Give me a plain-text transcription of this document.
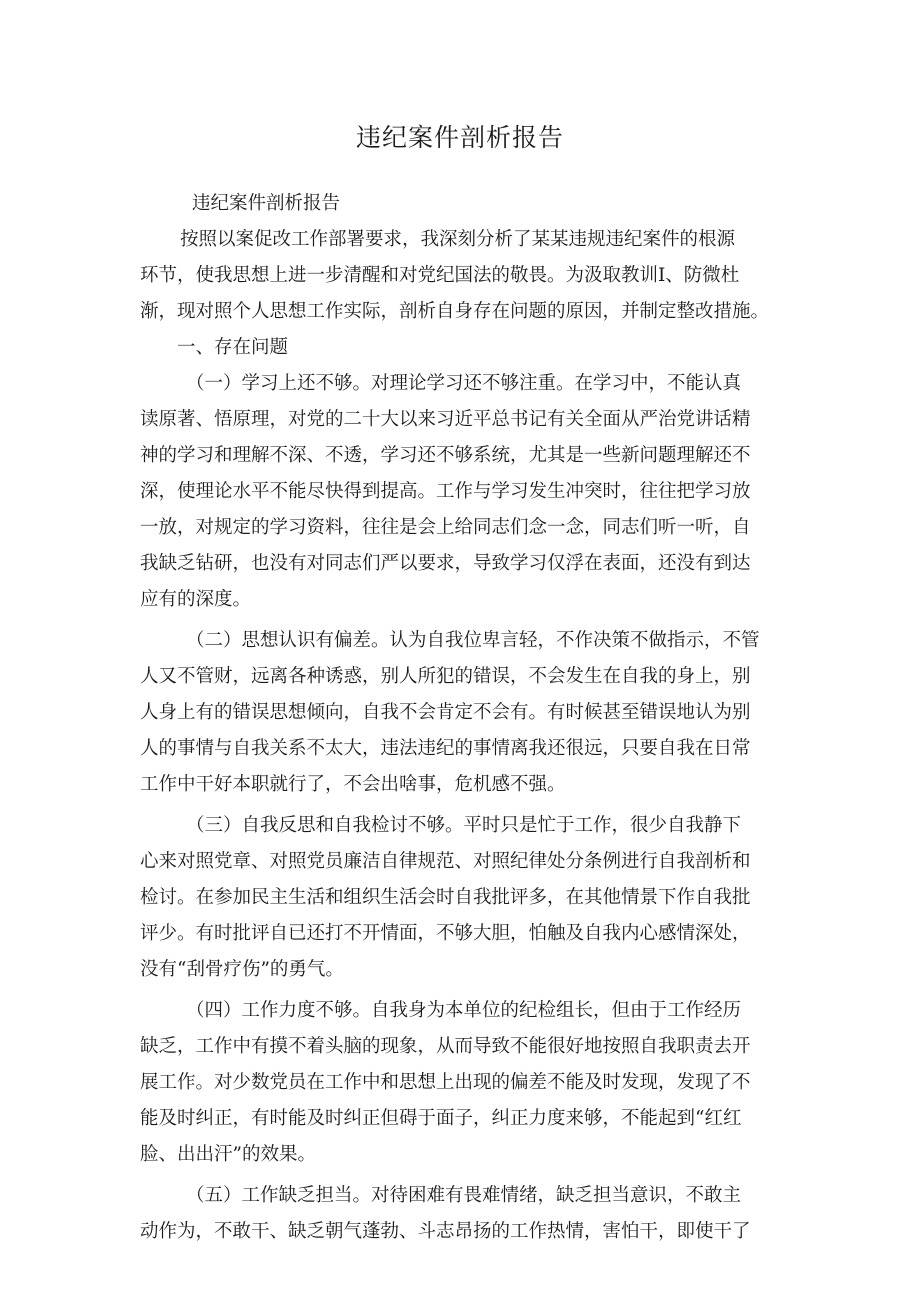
违纪案件剖析报告
违纪案件剖析报告
按照以案促改工作部署要求，我深刻分析了某某违规违纪案件的根源
环节，使我思想上进一步清醒和对党纪国法的敬畏。为汲取教训I、防微杜
渐，现对照个人思想工作实际，剖析自身存在问题的原因，并制定整改措施。
一、存在问题
（一）学习上还不够。对理论学习还不够注重。在学习中，不能认真
读原著、悟原理，对党的二十大以来习近平总书记有关全面从严治党讲话精
神的学习和理解不深、不透，学习还不够系统，尤其是一些新问题理解还不
深，使理论水平不能尽快得到提高。工作与学习发生冲突时，往往把学习放
一放，对规定的学习资料，往往是会上给同志们念一念，同志们听一听，自
我缺乏钻研，也没有对同志们严以要求，导致学习仅浮在表面，还没有到达
应有的深度。
（二）思想认识有偏差。认为自我位卑言轻，不作决策不做指示，不管
人又不管财，远离各种诱惑，别人所犯的错误，不会发生在自我的身上，别
人身上有的错误思想倾向，自我不会肯定不会有。有时候甚至错误地认为别
人的事情与自我关系不太大，违法违纪的事情离我还很远，只要自我在日常
工作中干好本职就行了，不会出啥事，危机感不强。
（三）自我反思和自我检讨不够。平时只是忙于工作，很少自我静下
心来对照党章、对照党员廉洁自律规范、对照纪律处分条例进行自我剖析和
检讨。在参加民主生活和组织生活会时自我批评多，在其他情景下作自我批
评少。有时批评自已还打不开情面，不够大胆，怕触及自我内心感情深处，
没有“刮骨疗伤”的勇气。
（四）工作力度不够。自我身为本单位的纪检组长，但由于工作经历
缺乏，工作中有摸不着头脑的现象，从而导致不能很好地按照自我职责去开
展工作。对少数党员在工作中和思想上出现的偏差不能及时发现，发现了不
能及时纠正，有时能及时纠正但碍于面子，纠正力度来够，不能起到“红红
脸、出出汗”的效果。
（五）工作缺乏担当。对待困难有畏难情绪，缺乏担当意识，不敢主
动作为，不敢干、缺乏朝气蓬勃、斗志昂扬的工作热情，害怕干，即使干了
